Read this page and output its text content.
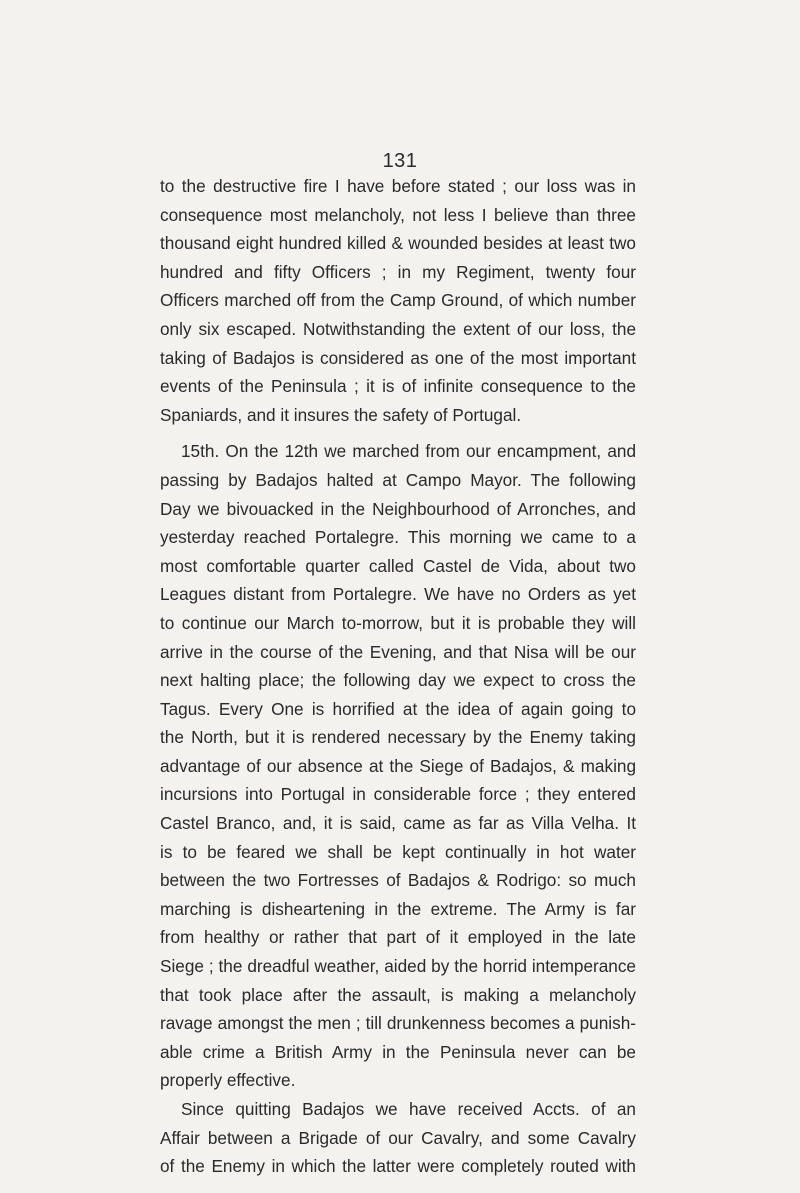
131
to the destructive fire I have before stated ; our loss was in
consequence most melancholy, not less I believe than three
thousand eight hundred killed & wounded besides at least two
hundred and fifty Officers ; in my Regiment, twenty four
Officers marched off from the Camp Ground, of which number
only six escaped. Notwithstanding the extent of our loss, the
taking of Badajos is considered as one of the most important
events of the Peninsula ; it is of infinite consequence to the
Spaniards, and it insures the safety of Portugal.
15th. On the 12th we marched from our encampment, and
passing by Badajos halted at Campo Mayor. The following
Day we bivouacked in the Neighbourhood of Arronches, and
yesterday reached Portalegre. This morning we came to a
most comfortable quarter called Castel de Vida, about two
Leagues distant from Portalegre. We have no Orders as yet
to continue our March to-morrow, but it is probable they will
arrive in the course of the Evening, and that Nisa will be our
next halting place; the following day we expect to cross the
Tagus. Every One is horrified at the idea of again going to
the North, but it is rendered necessary by the Enemy taking
advantage of our absence at the Siege of Badajos, & making
incursions into Portugal in considerable force ; they entered
Castel Branco, and, it is said, came as far as Villa Velha. It
is to be feared we shall be kept continually in hot water
between the two Fortresses of Badajos & Rodrigo: so much
marching is disheartening in the extreme. The Army is far
from healthy or rather that part of it employed in the late
Siege ; the dreadful weather, aided by the horrid intemperance
that took place after the assault, is making a melancholy
ravage amongst the men ; till drunkenness becomes a punish-
able crime a British Army in the Peninsula never can be
properly effective.
Since quitting Badajos we have received Accts. of an
Affair between a Brigade of our Cavalry, and some Cavalry
of the Enemy in which the latter were completely routed with
